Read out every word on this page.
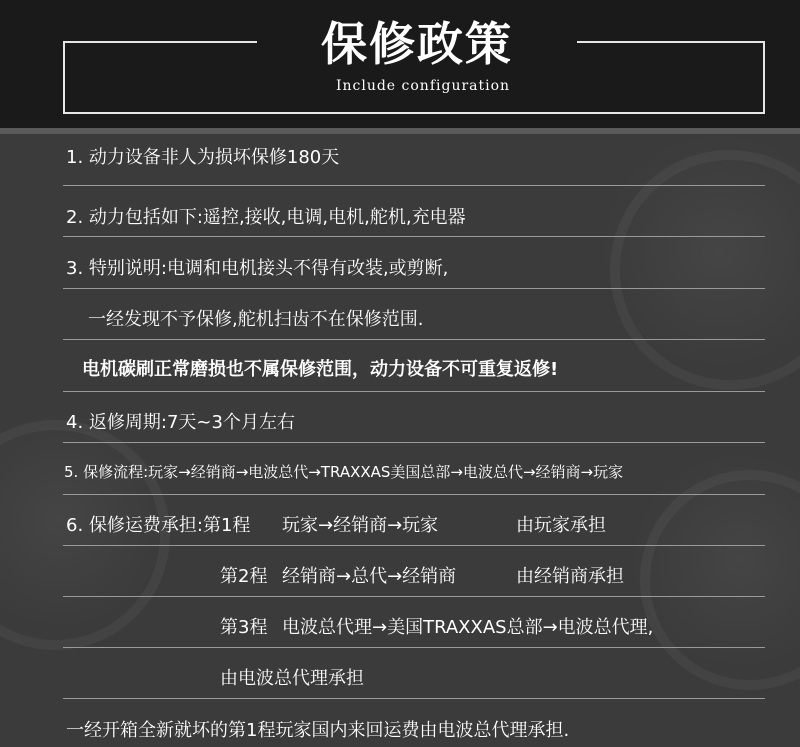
保修政策
Include configuration
1. 动力设备非人为损坏保修180天
2. 动力包括如下:遥控,接收,电调,电机,舵机,充电器
3. 特别说明:电调和电机接头不得有改装,或剪断,
一经发现不予保修,舵机扫齿不在保修范围.
电机碳刷正常磨损也不属保修范围，动力设备不可重复返修!
4. 返修周期:7天~3个月左右
5. 保修流程:玩家→经销商→电波总代→TRAXXAS美国总部→电波总代→经销商→玩家
6. 保修运费承担:第1程 玩家→经销商→玩家	由玩家承担
第2程 经销商→总代→经销商	由经销商承担
第3程 电波总代理→美国TRAXXAS总部→电波总代理,
由电波总代理承担
一经开箱全新就坏的第1程玩家国内来回运费由电波总代理承担.
